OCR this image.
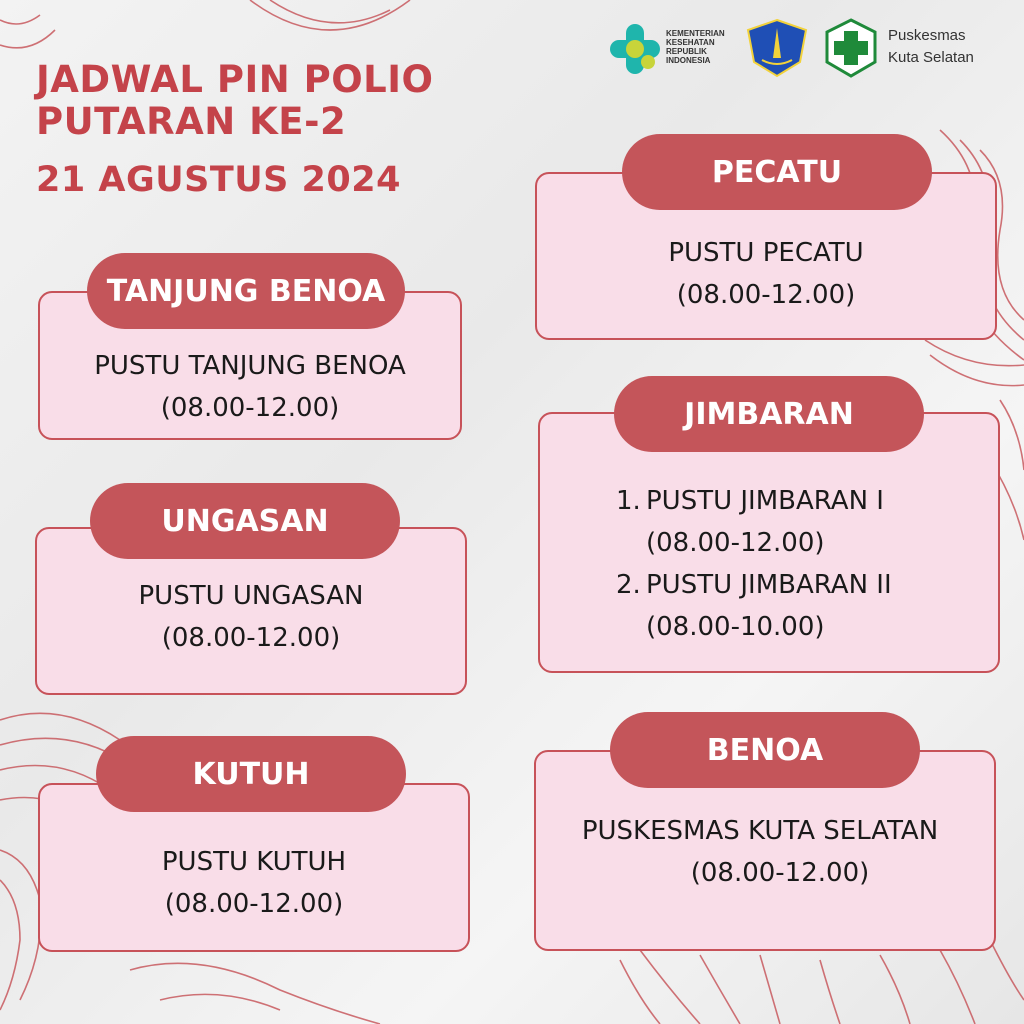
JADWAL PIN POLIO
PUTARAN KE-2
21 AGUSTUS 2024
KEMENTERIAN
KESEHATAN
REPUBLIK
INDONESIA
Puskesmas
Kuta Selatan
PUSTU TANJUNG BENOA
(08.00-12.00)
TANJUNG BENOA
PUSTU UNGASAN
(08.00-12.00)
UNGASAN
PUSTU KUTUH
(08.00-12.00)
KUTUH
PUSTU PECATU
(08.00-12.00)
PECATU
1. PUSTU JIMBARAN I
(08.00-12.00)
2. PUSTU JIMBARAN II
(08.00-10.00)
JIMBARAN
PUSKESMAS KUTA SELATAN
(08.00-12.00)
BENOA
